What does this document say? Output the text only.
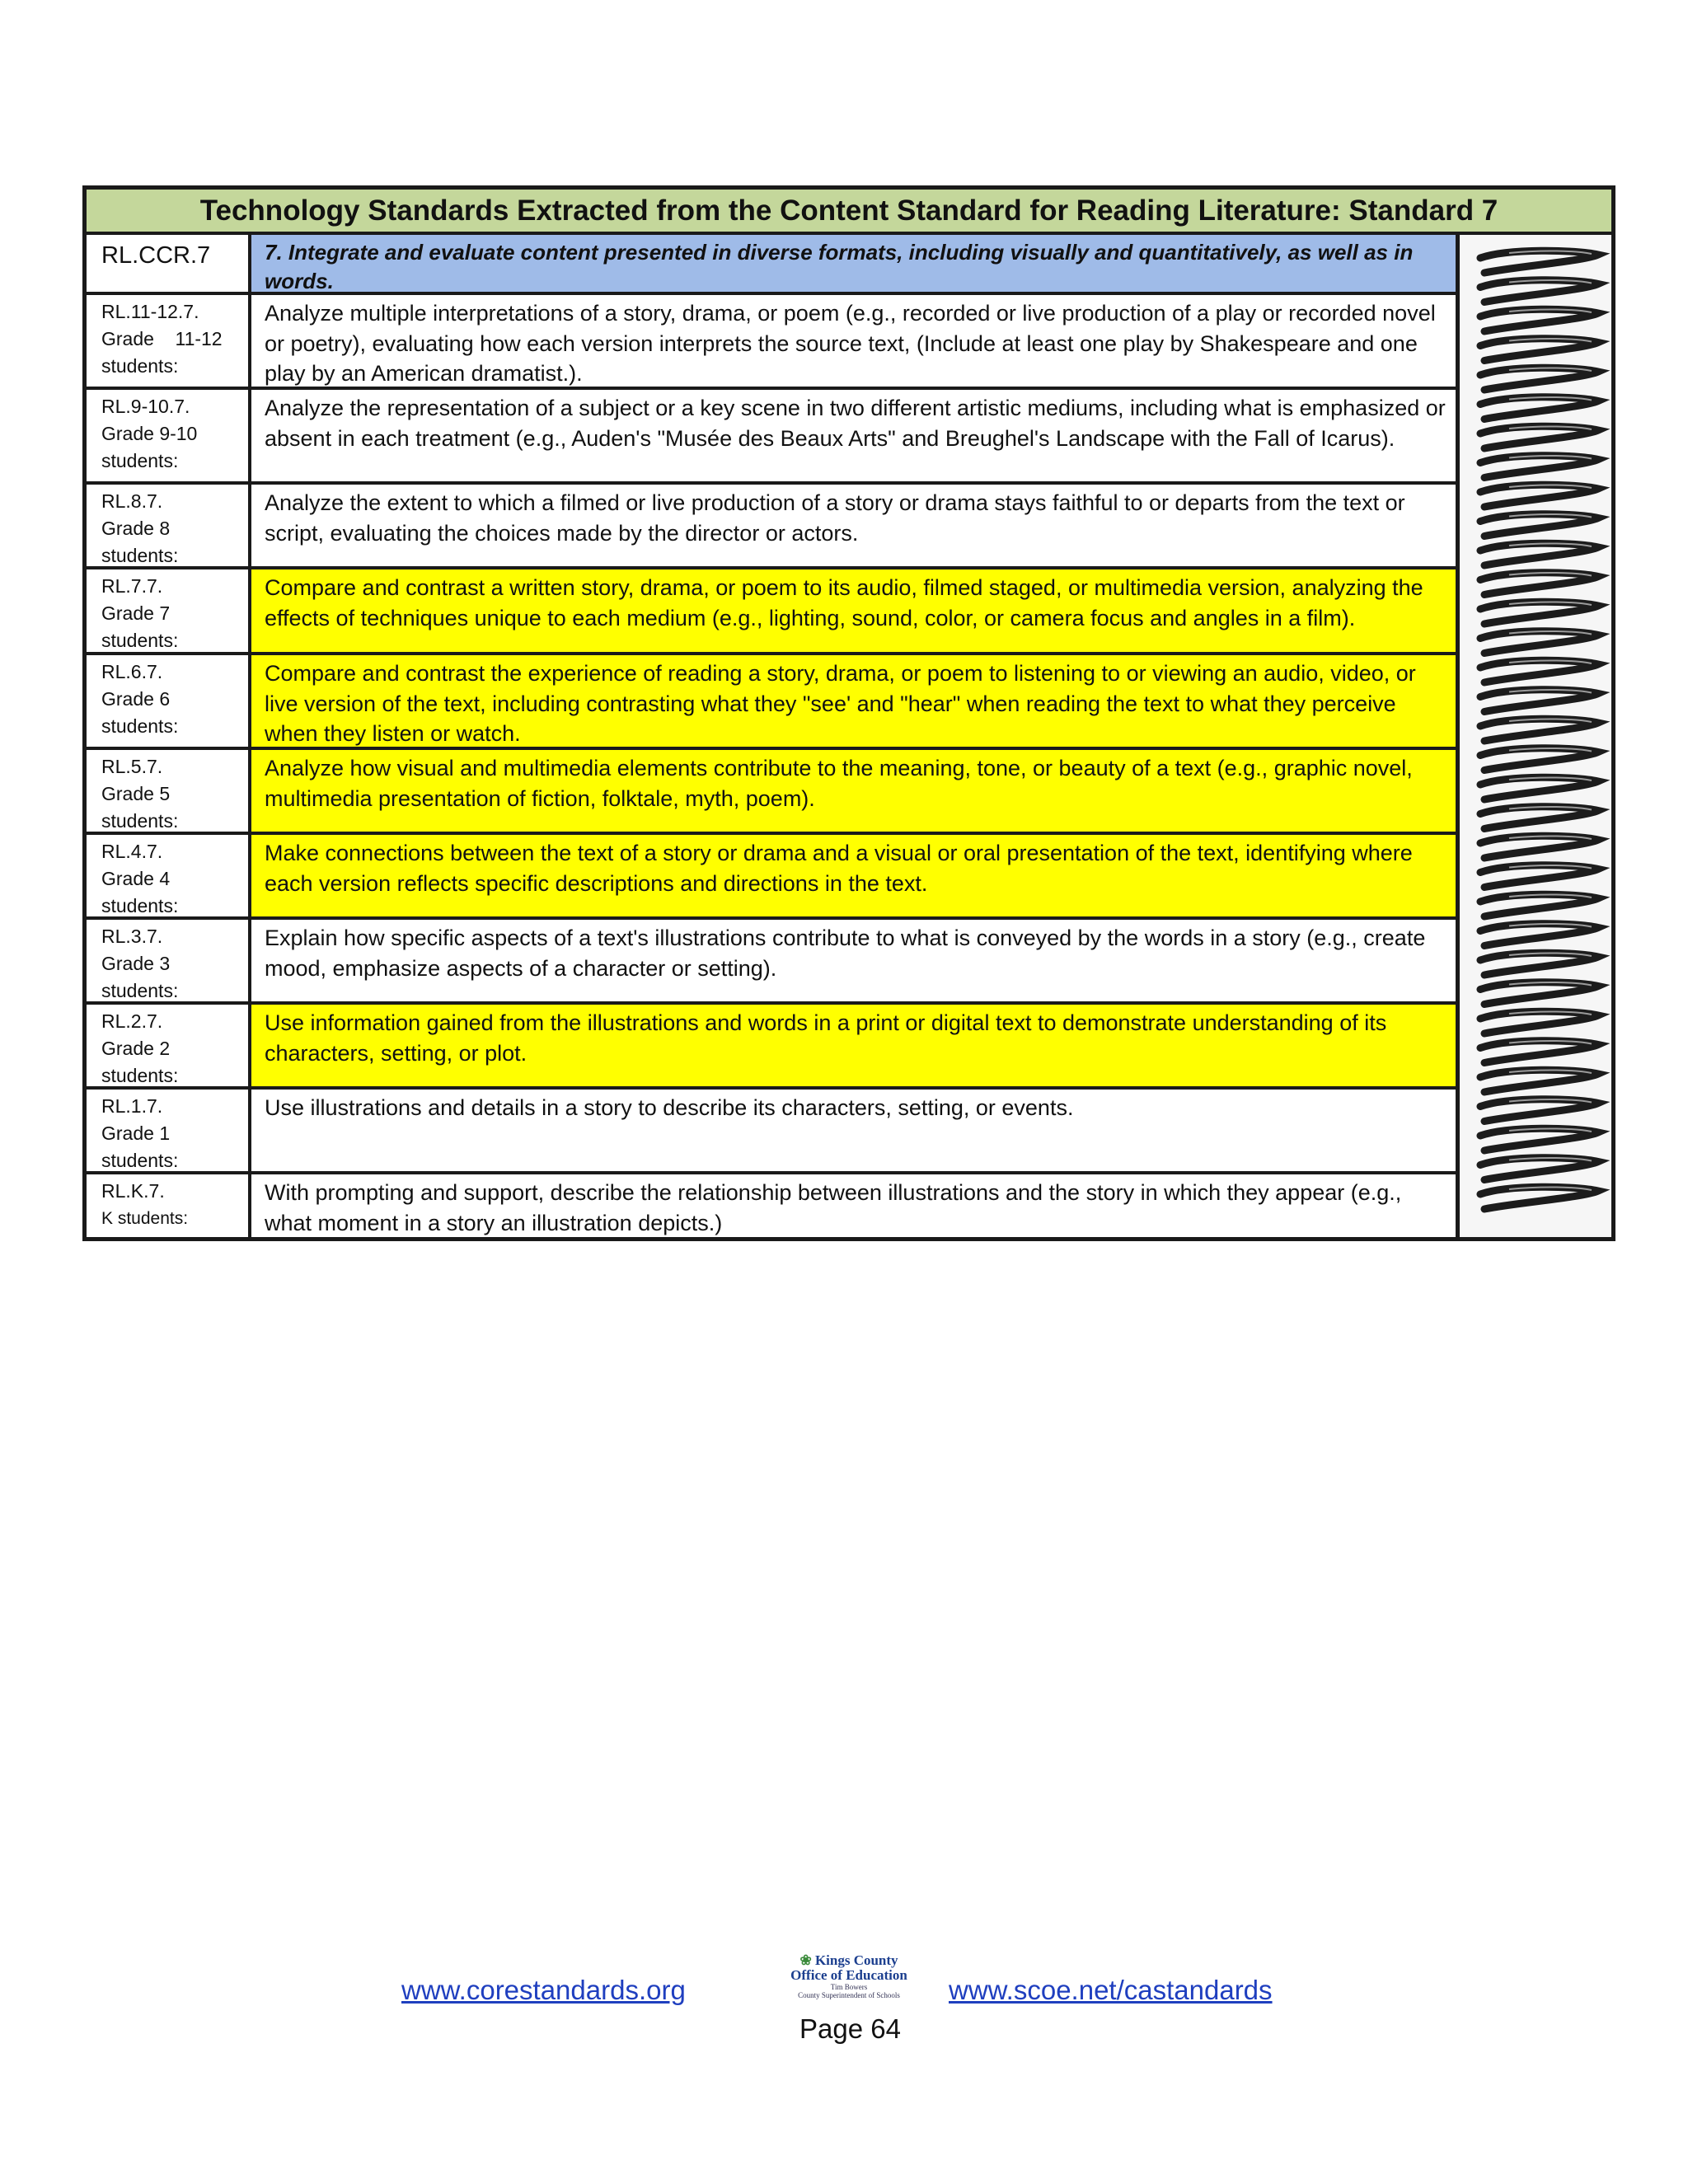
Technology Standards Extracted from the Content Standard for Reading Literature: Standard 7
RL.CCR.7	7. Integrate and evaluate content presented in diverse formats, including visually and quantitatively, as well as in words.
RL.11-12.7.
Grade    11-12
students:
Analyze multiple interpretations of a story, drama, or poem (e.g., recorded or live production of a play or recorded novel or poetry), evaluating how each version interprets the source text, (Include at least one play by Shakespeare and one play by an American dramatist.).
RL.9-10.7.
Grade 9-10
students:
Analyze the representation of a subject or a key scene in two different artistic mediums, including what is emphasized or absent in each treatment (e.g., Auden's "Musée des Beaux Arts" and Breughel's Landscape with the Fall of Icarus).
RL.8.7.
Grade 8
students:
Analyze the extent to which a filmed or live production of a story or drama stays faithful to or departs from the text or script, evaluating the choices made by the director or actors.
RL.7.7.
Grade 7
students:
Compare and contrast a written story, drama, or poem to its audio, filmed staged, or multimedia version, analyzing the effects of techniques unique to each medium (e.g., lighting, sound, color, or camera focus and angles in a film).
RL.6.7.
Grade 6
students:
Compare and contrast the experience of reading a story, drama, or poem to listening to or viewing an audio, video, or live version of the text, including contrasting what they "see' and "hear" when reading the text to what they perceive when they listen or watch.
RL.5.7.
Grade 5
students:
Analyze how visual and multimedia elements contribute to the meaning, tone, or beauty of a text (e.g., graphic novel, multimedia presentation of fiction, folktale, myth, poem).
RL.4.7.
Grade 4
students:
Make connections between the text of a story or drama and a visual or oral presentation of the text, identifying where each version reflects specific descriptions and directions in the text.
RL.3.7.
Grade 3
students:
Explain how specific aspects of a text's illustrations contribute to what is conveyed by the words in a story (e.g., create mood, emphasize aspects of a character or setting).
RL.2.7.
Grade 2
students:
Use information gained from the illustrations and words in a print or digital text to demonstrate understanding of its characters, setting, or plot.
RL.1.7.
Grade 1
students:
Use illustrations and details in a story to describe its characters, setting, or events.
RL.K.7.
K students:
With prompting and support, describe the relationship between illustrations and the story in which they appear (e.g., what moment in a story an illustration depicts.)
www.corestandards.org
❀ Kings County
Office of Education
Tim Bowers
County Superintendent of Schools	www.scoe.net/castandards
Page 64
